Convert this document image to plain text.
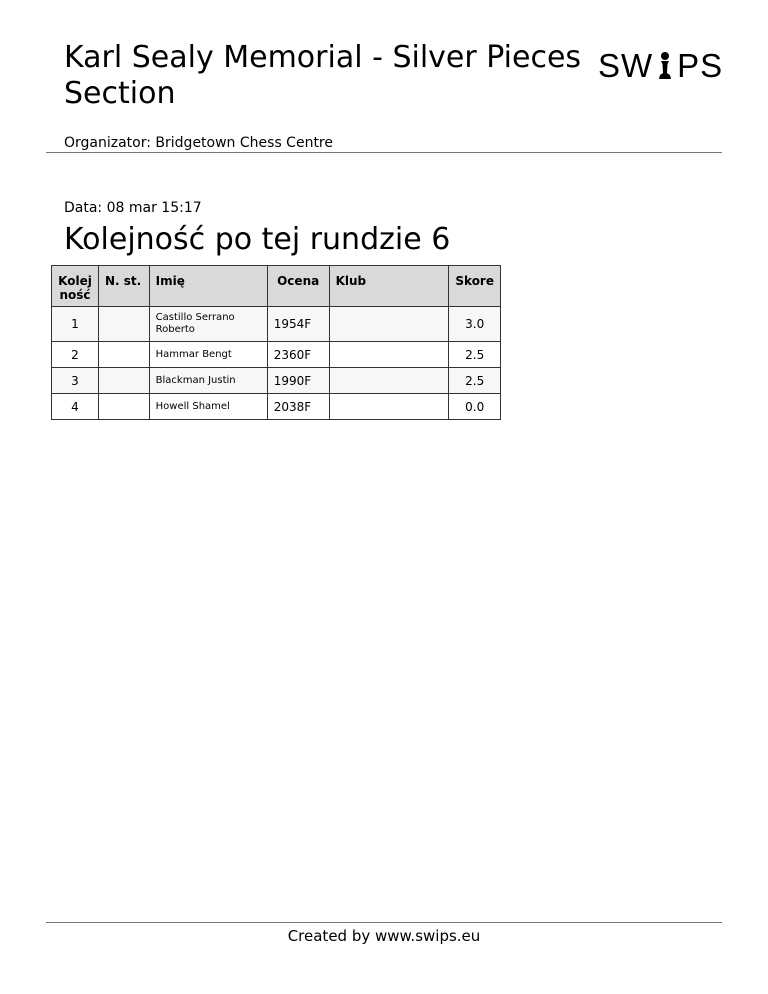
Karl Sealy Memorial - Silver Pieces Section
SW PS
Organizator: Bridgetown Chess Centre
Data: 08 mar 15:17
Kolejność po tej rundzie 6
Kolej
ność	N. st.	Imię	Ocena	Klub	Skore
1		Castillo Serrano Roberto	1954F		3.0
2		Hammar Bengt	2360F		2.5
3		Blackman Justin	1990F		2.5
4		Howell Shamel	2038F		0.0
Created by www.swips.eu
